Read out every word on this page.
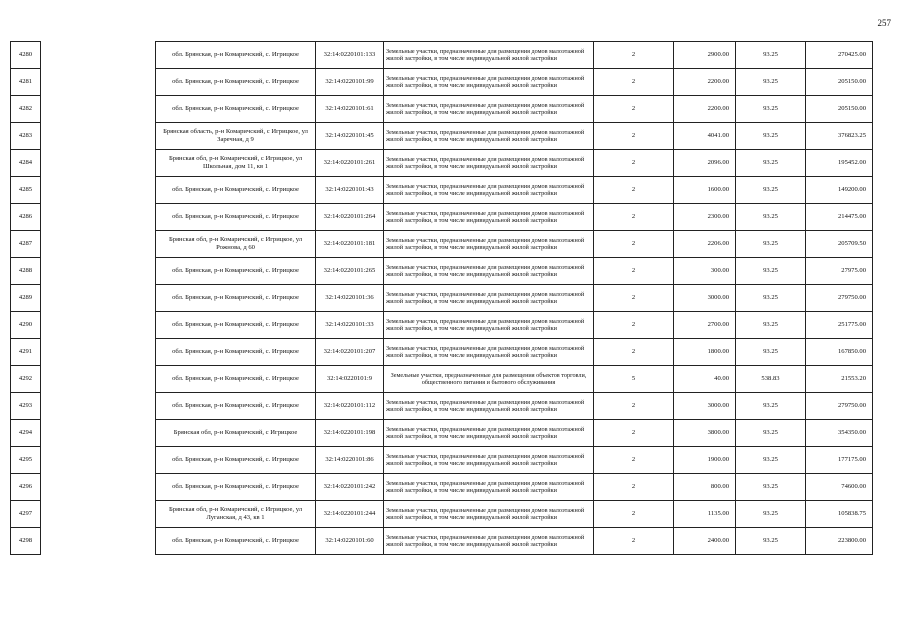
257
4280		обл. Брянская, р-н Комаричский, с. Игрицкое	32:14:0220101:133	Земельные участки, предназначенные для размещения домов малоэтажной жилой застройки, в том числе индивидуальной жилой застройки	2	2900.00	93.25	270425.00
4281		обл. Брянская, р-н Комаричский, с. Игрицкое	32:14:0220101:99	Земельные участки, предназначенные для размещения домов малоэтажной жилой застройки, в том числе индивидуальной жилой застройки	2	2200.00	93.25	205150.00
4282		обл. Брянская, р-н Комаричский, с. Игрицкое	32:14:0220101:61	Земельные участки, предназначенные для размещения домов малоэтажной жилой застройки, в том числе индивидуальной жилой застройки	2	2200.00	93.25	205150.00
4283		Брянская область, р-н Комаричский, с Игрицкое, ул Заречная, д 9	32:14:0220101:45	Земельные участки, предназначенные для размещения домов малоэтажной жилой застройки, в том числе индивидуальной жилой застройки	2	4041.00	93.25	376823.25
4284		Брянская обл, р-н Комаричский, с Игрицкое, ул Школьная, дом 11, кв 1	32:14:0220101:261	Земельные участки, предназначенные для размещения домов малоэтажной жилой застройки, в том числе индивидуальной жилой застройки	2	2096.00	93.25	195452.00
4285		обл. Брянская, р-н Комаричский, с. Игрицкое	32:14:0220101:43	Земельные участки, предназначенные для размещения домов малоэтажной жилой застройки, в том числе индивидуальной жилой застройки	2	1600.00	93.25	149200.00
4286		обл. Брянская, р-н Комаричский, с. Игрицкое	32:14:0220101:264	Земельные участки, предназначенные для размещения домов малоэтажной жилой застройки, в том числе индивидуальной жилой застройки	2	2300.00	93.25	214475.00
4287		Брянская обл, р-н Комаричский, с Игрицкое, ул Рожнова, д 60	32:14:0220101:181	Земельные участки, предназначенные для размещения домов малоэтажной жилой застройки, в том числе индивидуальной жилой застройки	2	2206.00	93.25	205709.50
4288		обл. Брянская, р-н Комаричский, с. Игрицкое	32:14:0220101:265	Земельные участки, предназначенные для размещения домов малоэтажной жилой застройки, в том числе индивидуальной жилой застройки	2	300.00	93.25	27975.00
4289		обл. Брянская, р-н Комаричский, с. Игрицкое	32:14:0220101:36	Земельные участки, предназначенные для размещения домов малоэтажной жилой застройки, в том числе индивидуальной жилой застройки	2	3000.00	93.25	279750.00
4290		обл. Брянская, р-н Комаричский, с. Игрицкое	32:14:0220101:33	Земельные участки, предназначенные для размещения домов малоэтажной жилой застройки, в том числе индивидуальной жилой застройки	2	2700.00	93.25	251775.00
4291		обл. Брянская, р-н Комаричский, с. Игрицкое	32:14:0220101:207	Земельные участки, предназначенные для размещения домов малоэтажной жилой застройки, в том числе индивидуальной жилой застройки	2	1800.00	93.25	167850.00
4292		обл. Брянская, р-н Комаричский, с. Игрицкое	32:14:0220101:9	Земельные участки, предназначенные для размещения объектов торговли, общественного питания и бытового обслуживания	5	40.00	538.83	21553.20
4293		обл. Брянская, р-н Комаричский, с. Игрицкое	32:14:0220101:112	Земельные участки, предназначенные для размещения домов малоэтажной жилой застройки, в том числе индивидуальной жилой застройки	2	3000.00	93.25	279750.00
4294		Брянская обл, р-н Комаричский, с Игрицкое	32:14:0220101:198	Земельные участки, предназначенные для размещения домов малоэтажной жилой застройки, в том числе индивидуальной жилой застройки	2	3800.00	93.25	354350.00
4295		обл. Брянская, р-н Комаричский, с. Игрицкое	32:14:0220101:86	Земельные участки, предназначенные для размещения домов малоэтажной жилой застройки, в том числе индивидуальной жилой застройки	2	1900.00	93.25	177175.00
4296		обл. Брянская, р-н Комаричский, с. Игрицкое	32:14:0220101:242	Земельные участки, предназначенные для размещения домов малоэтажной жилой застройки, в том числе индивидуальной жилой застройки	2	800.00	93.25	74600.00
4297		Брянская обл, р-н Комаричский, с Игрицкое, ул Луганская, д 43, кв 1	32:14:0220101:244	Земельные участки, предназначенные для размещения домов малоэтажной жилой застройки, в том числе индивидуальной жилой застройки	2	1135.00	93.25	105838.75
4298		обл. Брянская, р-н Комаричский, с. Игрицкое	32:14:0220101:60	Земельные участки, предназначенные для размещения домов малоэтажной жилой застройки, в том числе индивидуальной жилой застройки	2	2400.00	93.25	223800.00
